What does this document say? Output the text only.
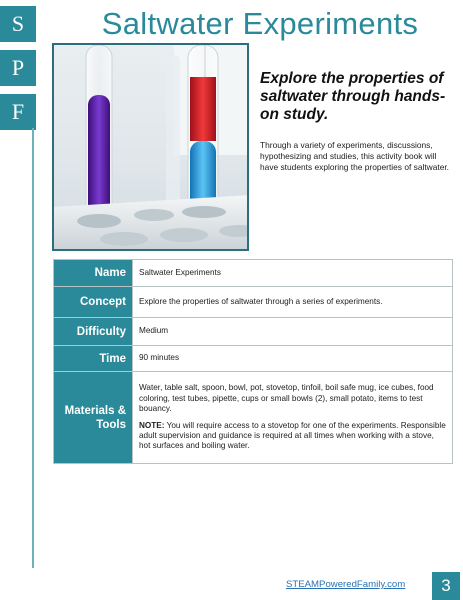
S
P
F
Saltwater Experiments
Explore the properties of saltwater through hands-on study.
Through a variety of experiments, discussions, hypothesizing and studies, this activity book will have students exploring the properties of saltwater.
Name	Saltwater Experiments
Concept	Explore the properties of saltwater through a series of experiments.
Difficulty	Medium
Time	90 minutes
Materials & Tools	Water, table salt, spoon, bowl, pot, stovetop, tinfoil, boil safe mug, ice cubes, food coloring, test tubes, pipette, cups or small bowls (2), small potato, items to test bouancy.
NOTE: You will require access to a stovetop for one of the experiments. Responsible adult supervision and guidance is required at all times when working with a stove, hot surfaces and boiling water.
STEAMPoweredFamily.com	3
